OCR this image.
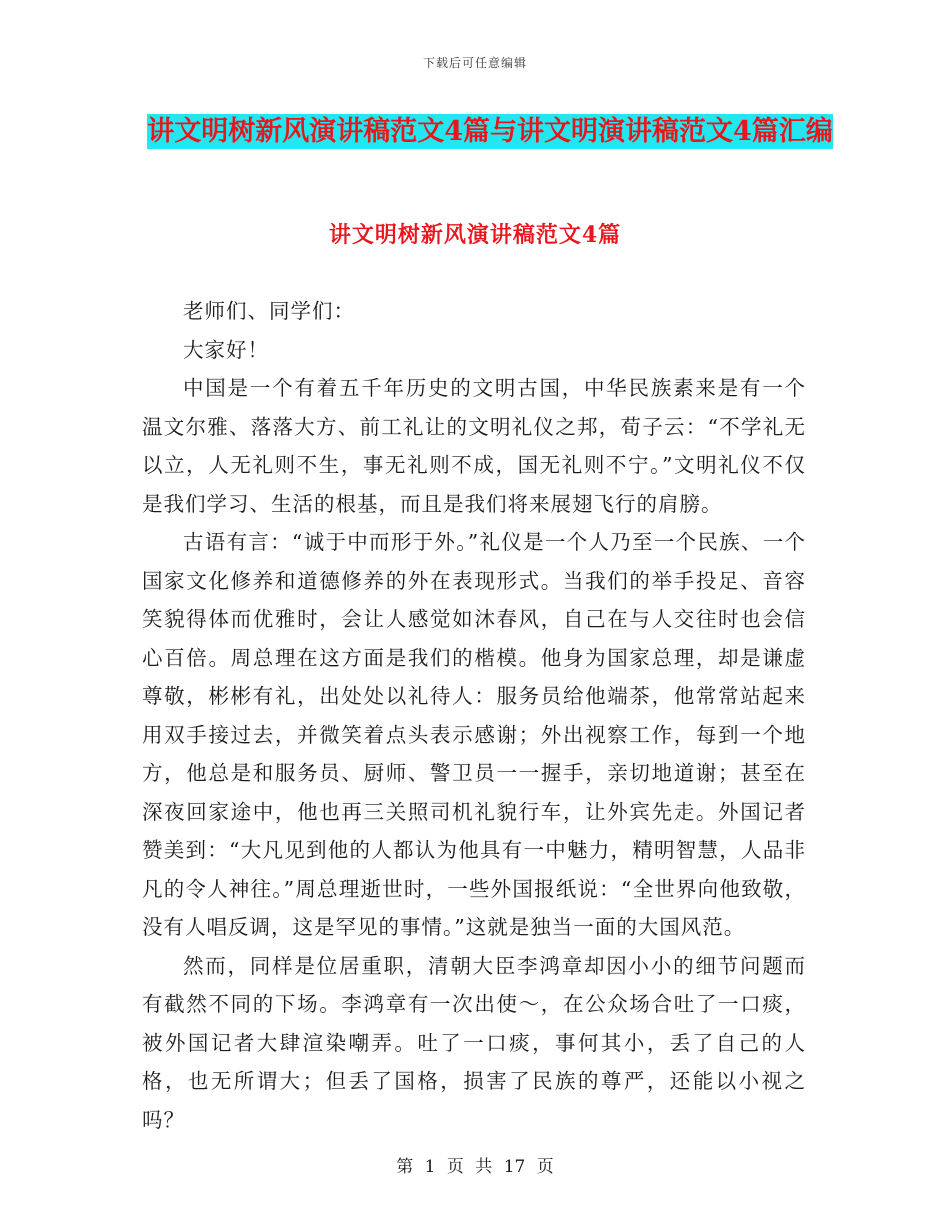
下载后可任意编辑
讲文明树新风演讲稿范文4篇与讲文明演讲稿范文4篇汇编
讲文明树新风演讲稿范文4篇

老师们、同学们：

大家好！

中国是一个有着五千年历史的文明古国，中华民族素来是有一个温文尔雅、落落大方、前工礼让的文明礼仪之邦，荀子云：“不学礼无以立，人无礼则不生，事无礼则不成，国无礼则不宁。”文明礼仪不仅是我们学习、生活的根基，而且是我们将来展翅飞行的肩膀。

古语有言：“诚于中而形于外。”礼仪是一个人乃至一个民族、一个国家文化修养和道德修养的外在表现形式。当我们的举手投足、音容笑貌得体而优雅时，会让人感觉如沐春风，自己在与人交往时也会信心百倍。周总理在这方面是我们的楷模。他身为国家总理，却是谦虚尊敬，彬彬有礼，出处处以礼待人：服务员给他端茶，他常常站起来用双手接过去，并微笑着点头表示感谢；外出视察工作，每到一个地方，他总是和服务员、厨师、警卫员一一握手，亲切地道谢；甚至在深夜回家途中，他也再三关照司机礼貌行车，让外宾先走。外国记者赞美到：“大凡见到他的人都认为他具有一中魅力，精明智慧，人品非凡的令人神往。”周总理逝世时，一些外国报纸说：“全世界向他致敬，没有人唱反调，这是罕见的事情。”这就是独当一面的大国风范。

然而，同样是位居重职，清朝大臣李鸿章却因小小的细节问题而有截然不同的下场。李鸿章有一次出使～，在公众场合吐了一口痰，被外国记者大肆渲染嘲弄。吐了一口痰，事何其小，丢了自己的人格，也无所谓大；但丢了国格，损害了民族的尊严，还能以小视之吗？

第 1 页 共 17 页
